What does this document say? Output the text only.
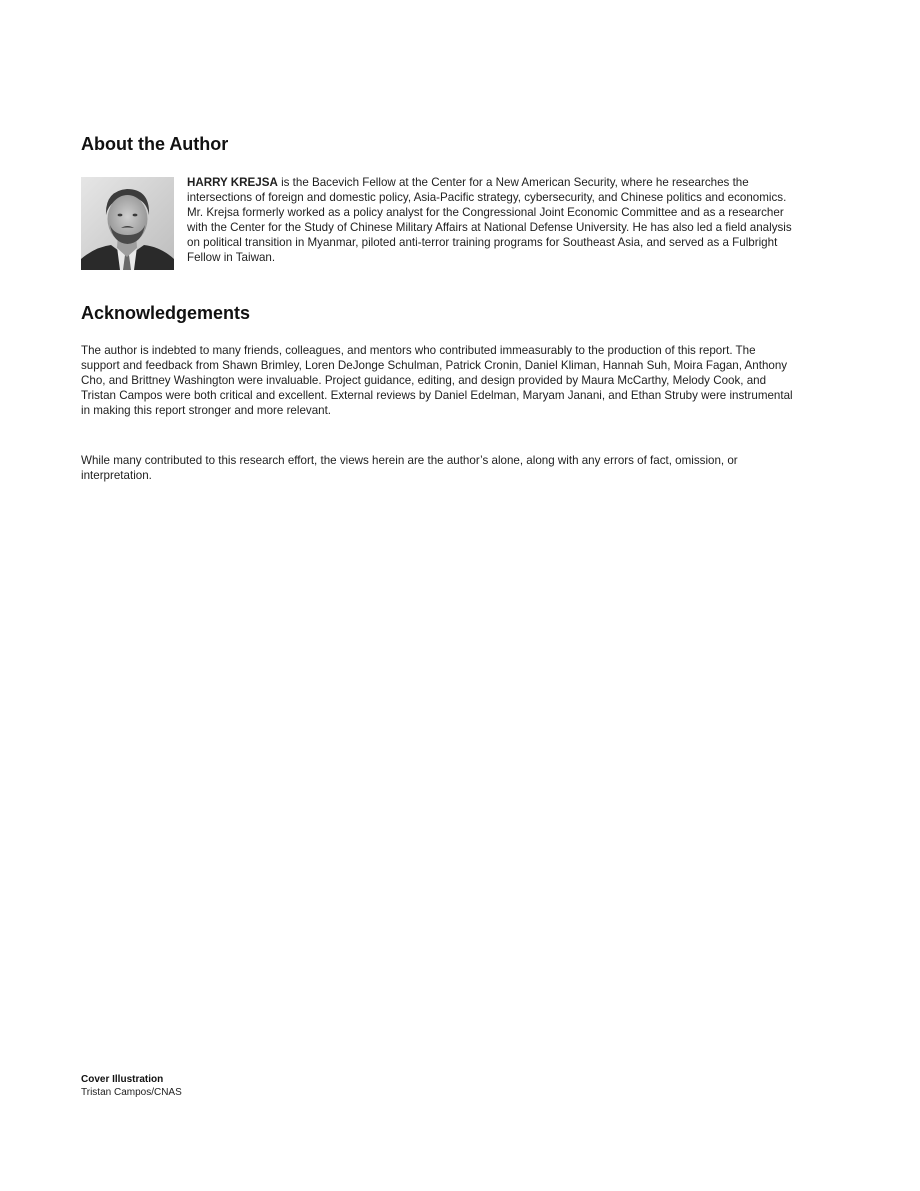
About the Author

HARRY KREJSA is the Bacevich Fellow at the Center for a New American Security, where he researches the intersections of foreign and domestic policy, Asia-Pacific strategy, cybersecurity, and Chinese politics and economics. Mr. Krejsa formerly worked as a policy analyst for the Congressional Joint Economic Committee and as a researcher with the Center for the Study of Chinese Military Affairs at National Defense University. He has also led a field analysis on political transition in Myanmar, piloted anti-terror training programs for Southeast Asia, and served as a Fulbright Fellow in Taiwan.

Acknowledgements

The author is indebted to many friends, colleagues, and mentors who contributed immeasurably to the production of this report. The support and feedback from Shawn Brimley, Loren DeJonge Schulman, Patrick Cronin, Daniel Kliman, Hannah Suh, Moira Fagan, Anthony Cho, and Brittney Washington were invaluable. Project guidance, editing, and design provided by Maura McCarthy, Melody Cook, and Tristan Campos were both critical and excellent. External reviews by Daniel Edelman, Maryam Janani, and Ethan Struby were instrumental in making this report stronger and more relevant.

While many contributed to this research effort, the views herein are the author’s alone, along with any errors of fact, omission, or interpretation.

Cover Illustration

Tristan Campos/CNAS
